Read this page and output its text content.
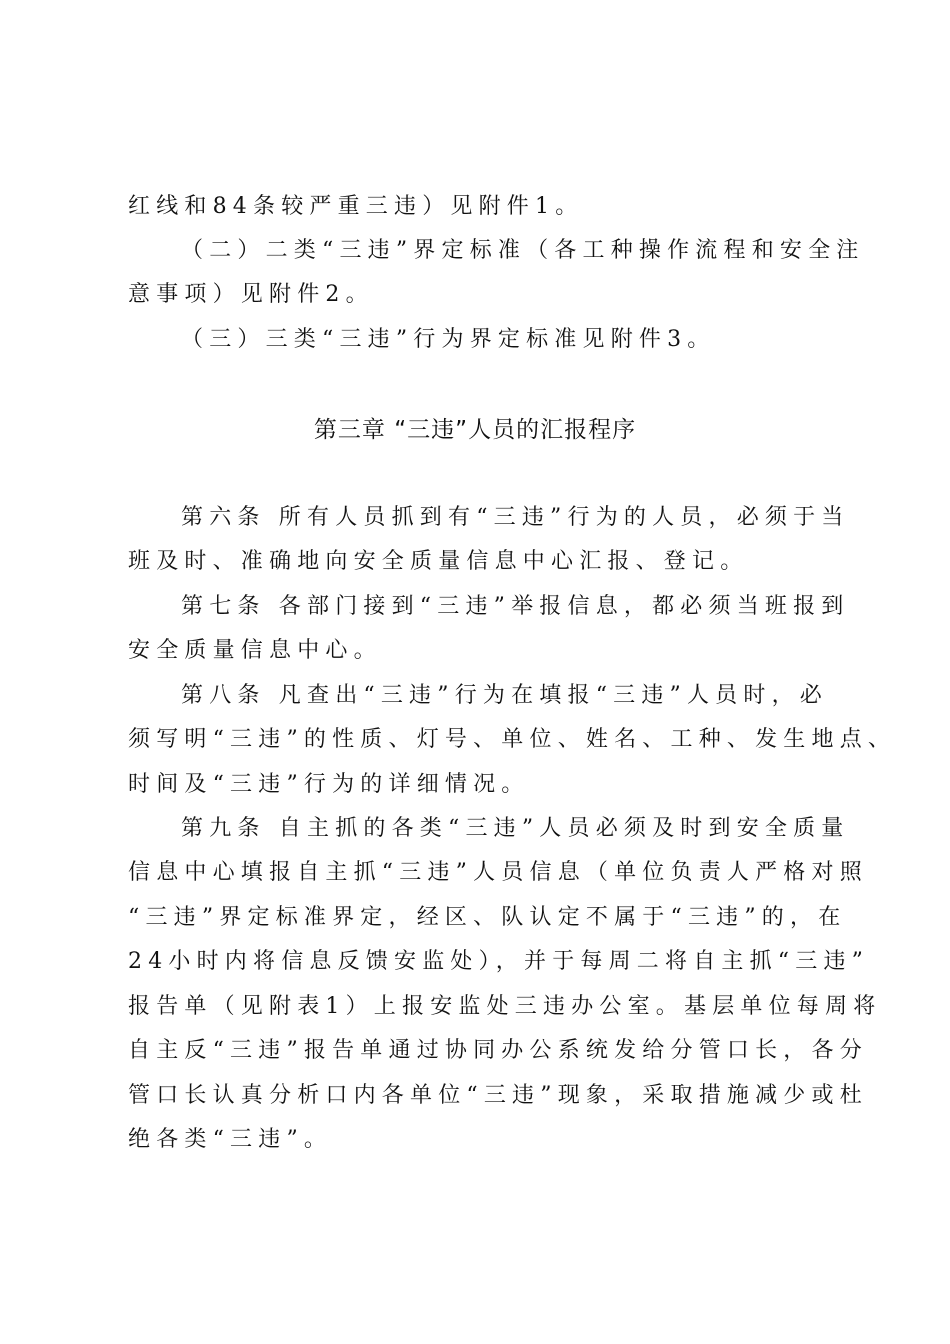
红线和84条较严重三违）见附件1。
（二）二类“三违”界定标准（各工种操作流程和安全注
意事项）见附件2。
（三）三类“三违”行为界定标准见附件3。
第三章 “三违”人员的汇报程序
第六条 所有人员抓到有“三违”行为的人员，必须于当
班及时、准确地向安全质量信息中心汇报、登记。
第七条 各部门接到“三违”举报信息，都必须当班报到
安全质量信息中心。
第八条 凡查出“三违”行为在填报“三违”人员时，必
须写明“三违”的性质、灯号、单位、姓名、工种、发生地点、
时间及“三违”行为的详细情况。
第九条 自主抓的各类“三违”人员必须及时到安全质量
信息中心填报自主抓“三违”人员信息（单位负责人严格对照
“三违”界定标准界定，经区、队认定不属于“三违”的，在
24小时内将信息反馈安监处），并于每周二将自主抓“三违”
报告单（见附表1）上报安监处三违办公室。基层单位每周将
自主反“三违”报告单通过协同办公系统发给分管口长，各分
管口长认真分析口内各单位“三违”现象，采取措施减少或杜
绝各类“三违”。
